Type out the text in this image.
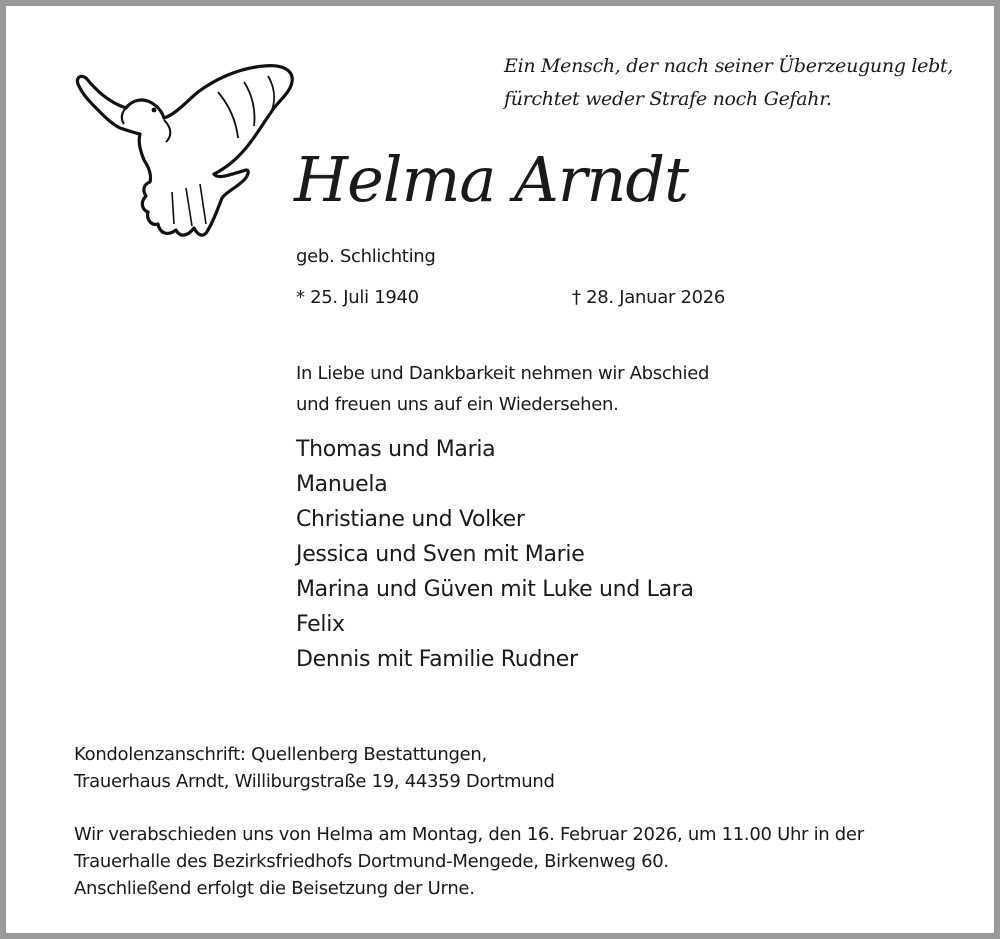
Ein Mensch, der nach seiner Überzeugung lebt,
fürchtet weder Strafe noch Gefahr.
Helma Arndt
geb. Schlichting
* 25. Juli 1940	† 28. Januar 2026
In Liebe und Dankbarkeit nehmen wir Abschied
und freuen uns auf ein Wiedersehen.
Thomas und Maria
Manuela
Christiane und Volker
Jessica und Sven mit Marie
Marina und Güven mit Luke und Lara
Felix
Dennis mit Familie Rudner
Kondolenzanschrift: Quellenberg Bestattungen,
Trauerhaus Arndt, Williburgstraße 19, 44359 Dortmund
Wir verabschieden uns von Helma am Montag, den 16. Februar 2026, um 11.00 Uhr in der
Trauerhalle des Bezirksfriedhofs Dortmund-Mengede, Birkenweg 60.
Anschließend erfolgt die Beisetzung der Urne.
